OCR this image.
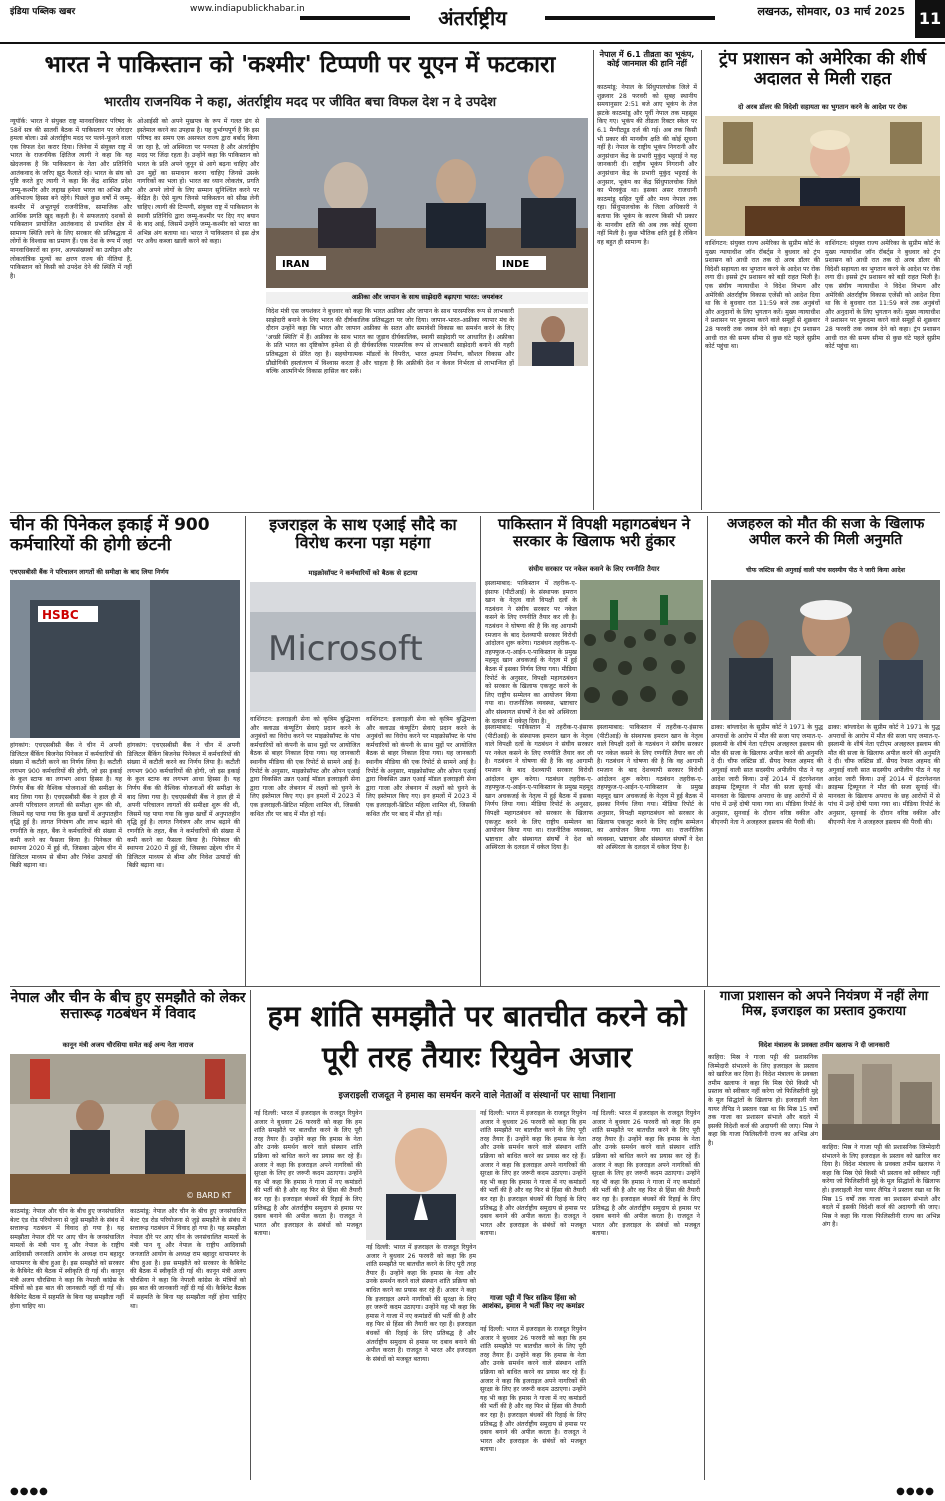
इंडिया पब्लिक खबर	www.indiapublickhabar.in	अंतर्राष्ट्रीय	लखनऊ, सोमवार, 03 मार्च 2025 11
भारत ने पाकिस्तान को 'कश्मीर' टिप्पणी पर यूएन में फटकारा
भारतीय राजनयिक ने कहा, अंतर्राष्ट्रीय मदद पर जीवित बचा विफल देश न दे उपदेश
न्यूयॉर्क: भारत ने संयुक्त राष्ट्र मानवाधिकार परिषद के 58वें सत्र की सातवीं बैठक में पाकिस्तान पर जोरदार हमला बोला। उसे अंतर्राष्ट्रीय मदद पर पलने-फूलने वाला एक विफल देश करार दिया। जिनेवा में संयुक्त राष्ट्र में भारत के राजनयिक क्षितिज त्यागी ने कहा कि यह खेदजनक है कि पाकिस्तान के नेता और प्रतिनिधि आतंकवाद के जरिए झूठ फैलाते रहे। भारत के संघ को पुष्टि करते हुए त्यागी ने कहा कि केंद्र शासित प्रदेश जम्मू-कश्मीर और लद्दाख हमेशा भारत का अभिन्न और अविभाज्य हिस्सा बने रहेंगे। पिछले कुछ वर्षों में जम्मू-कश्मीर में अभूतपूर्व राजनीतिक, सामाजिक और आर्थिक प्रगति खुद कहती है। ये सफलताएं दशकों से पाकिस्तान प्रायोजित आतंकवाद से प्रभावित क्षेत्र में सामान्य स्थिति लाने के लिए सरकार की प्रतिबद्धता में लोगों के विश्वास का प्रमाण हैं। एक देश के रूप में जहां मानवाधिकारों का हनन, अल्पसंख्यकों का उत्पीड़न और लोकतांत्रिक मूल्यों का क्षरण राज्य की नीतियां हैं, पाकिस्तान को किसी को उपदेश देने की स्थिति में नहीं है।
ओआईसी को अपने मुखपत्र के रूप में गलत ढंग से इस्तेमाल करने का उपहास है। यह दुर्भाग्यपूर्ण है कि इस परिषद का समय एक असफल राज्य द्वारा बर्बाद किया जा रहा है, जो अस्थिरता पर पनपता है और अंतर्राष्ट्रीय मदद पर जिंदा रहता है। उन्होंने कहा कि पाकिस्तान को भारत के प्रति अपने जुनून से आगे बढ़ना चाहिए और उन मुद्दों का समाधान करना चाहिए जिनसे उसके नागरिकों का भला हो। भारत का ध्यान लोकतंत्र, प्रगति और अपने लोगों के लिए सम्मान सुनिश्चित करने पर केंद्रित है। ऐसे मूल्य जिनसे पाकिस्तान को सीख लेनी चाहिए। त्यागी की टिप्पणी, संयुक्त राष्ट्र में पाकिस्तान के स्थायी प्रतिनिधि द्वारा जम्मू-कश्मीर पर दिए गए बयान के बाद आई, जिसमें उन्होंने जम्मू-कश्मीर को भारत का अभिन्न अंग बताया था। भारत ने पाकिस्तान से इस क्षेत्र पर अवैध कब्जा खाली करने को कहा।
IRAN	INDE
अफ्रीका और जापान के साथ साझेदारी बढ़ाएगा भारत: जयशंकर
विदेश मंत्री एस जयशंकर ने बुधवार को कहा कि भारत अफ्रीका और जापान के साथ पारस्परिक रूप से लाभकारी साझेदारी बनाने के लिए भारत की दीर्घकालिक प्रतिबद्धता पर जोर दिया। जापान-भारत-अफ्रीका व्यापार मंच के दौरान उन्होंने कहा कि भारत और जापान अफ्रीका के सतत और समावेशी विकास का समर्थन करने के लिए 'अच्छी स्थिति' में हैं। अफ्रीका के साथ भारत का जुड़ाव दीर्घकालिक, स्थायी साझेदारी पर आधारित है। अफ्रीका के प्रति भारत का दृष्टिकोण हमेशा से ही दीर्घकालिक पारस्परिक रूप से लाभकारी साझेदारी बनाने की गहरी प्रतिबद्धता से प्रेरित रहा है। सहयोगात्मक मॉडलों के विपरीत, भारत क्षमता निर्माण, कौशल विकास और प्रौद्योगिकी हस्तांतरण में विश्वास करता है और चाहता है कि अफ्रीकी देश न केवल निर्भरता से लाभान्वित हों बल्कि आत्मनिर्भर विकास हासिल कर सकें।
नेपाल में 6.1 तीव्रता का भूकंप, कोई जानमाल की हानि नहीं
काठमांडू: नेपाल के सिंधुपालचोक जिले में शुक्रवार 28 फरवरी को सुबह स्थानीय समयानुसार 2:51 बजे आए भूकंप के तेज झटके काठमांडू और पूर्वी नेपाल तक महसूस किए गए। भूकंप की तीव्रता रिक्टर स्केल पर 6.1 मैग्नीट्यूड दर्ज की गई। अब तक किसी भी प्रकार की मानवीय क्षति की कोई सूचना नहीं है। नेपाल के राष्ट्रीय भूकंप निगरानी और अनुसंधान केंद्र के प्रभारी मुकुंद भट्टराई ने यह जानकारी दी। राष्ट्रीय भूकंप निगरानी और अनुसंधान केंद्र के प्रभारी मुकुंद भट्टराई के अनुसार, भूकंप का केंद्र सिंधुपालचोक जिले का भैरवकुंड था। इसका असर राजधानी काठमांडू सहित पूर्वी और मध्य नेपाल तक रहा। सिंधुपालचोक के जिला अधिकारी ने बताया कि भूकंप के कारण किसी भी प्रकार के मानवीय क्षति की अब तक कोई सूचना नहीं मिली है। कुछ भौतिक क्षति हुई है लेकिन वह बहुत ही सामान्य है।
ट्रंप प्रशासन को अमेरिका की शीर्ष अदालत से मिली राहत
दो अरब डॉलर की विदेशी सहायता का भुगतान करने के आदेश पर रोक
वाशिंगटन: संयुक्त राज्य अमेरिका के सुप्रीम कोर्ट के मुख्य न्यायाधीश जॉन रॉबर्ट्स ने बुधवार को ट्रंप प्रशासन को आधी रात तक दो अरब डॉलर की विदेशी सहायता का भुगतान करने के आदेश पर रोक लगा दी। इससे ट्रंप प्रशासन को बड़ी राहत मिली है। एक संघीय न्यायाधीश ने विदेश विभाग और अमेरिकी अंतर्राष्ट्रीय विकास एजेंसी को आदेश दिया था कि वे बुधवार रात 11:59 बजे तक अनुबंधों और अनुदानों के लिए भुगतान करें। मुख्य न्यायाधीश ने प्रशासन पर मुकदमा करने वाले समूहों से शुक्रवार 28 फरवरी तक जवाब देने को कहा। ट्रंप प्रशासन आधी रात की समय सीमा से कुछ घंटे पहले सुप्रीम कोर्ट पहुंचा था।
वाशिंगटन: संयुक्त राज्य अमेरिका के सुप्रीम कोर्ट के मुख्य न्यायाधीश जॉन रॉबर्ट्स ने बुधवार को ट्रंप प्रशासन को आधी रात तक दो अरब डॉलर की विदेशी सहायता का भुगतान करने के आदेश पर रोक लगा दी। इससे ट्रंप प्रशासन को बड़ी राहत मिली है। एक संघीय न्यायाधीश ने विदेश विभाग और अमेरिकी अंतर्राष्ट्रीय विकास एजेंसी को आदेश दिया था कि वे बुधवार रात 11:59 बजे तक अनुबंधों और अनुदानों के लिए भुगतान करें। मुख्य न्यायाधीश ने प्रशासन पर मुकदमा करने वाले समूहों से शुक्रवार 28 फरवरी तक जवाब देने को कहा। ट्रंप प्रशासन आधी रात की समय सीमा से कुछ घंटे पहले सुप्रीम कोर्ट पहुंचा था।
चीन की पिनेकल इकाई में 900 कर्मचारियों की होगी छंटनी
एचएसबीसी बैंक ने परिचालन लागतों की समीक्षा के बाद लिया निर्णय
HSBC
हांगकांग: एचएसबीसी बैंक ने चीन में अपनी डिजिटल बैंकिंग बिजनेस पिनेकल में कर्मचारियों की संख्या में कटौती करने का निर्णय लिया है। कटौती लगभग 900 कर्मचारियों की होगी, जो इस इकाई के कुल स्टाफ का लगभग आधा हिस्सा है। यह निर्णय बैंक की वैश्विक योजनाओं की समीक्षा के बाद लिया गया है। एचएसबीसी बैंक ने हाल ही में अपनी परिचालन लागतों की समीक्षा शुरू की थी, जिसमें यह पाया गया कि कुछ खर्चों में अनुपातहीन वृद्धि हुई है। लागत नियंत्रण और लाभ बढ़ाने की रणनीति के तहत, बैंक ने कर्मचारियों की संख्या में कमी करने का फैसला किया है। पिनेकल की स्थापना 2020 में हुई थी, जिसका उद्देश्य चीन में डिजिटल माध्यम से बीमा और निवेश उत्पादों की बिक्री बढ़ाना था।
हांगकांग: एचएसबीसी बैंक ने चीन में अपनी डिजिटल बैंकिंग बिजनेस पिनेकल में कर्मचारियों की संख्या में कटौती करने का निर्णय लिया है। कटौती लगभग 900 कर्मचारियों की होगी, जो इस इकाई के कुल स्टाफ का लगभग आधा हिस्सा है। यह निर्णय बैंक की वैश्विक योजनाओं की समीक्षा के बाद लिया गया है। एचएसबीसी बैंक ने हाल ही में अपनी परिचालन लागतों की समीक्षा शुरू की थी, जिसमें यह पाया गया कि कुछ खर्चों में अनुपातहीन वृद्धि हुई है। लागत नियंत्रण और लाभ बढ़ाने की रणनीति के तहत, बैंक ने कर्मचारियों की संख्या में कमी करने का फैसला किया है। पिनेकल की स्थापना 2020 में हुई थी, जिसका उद्देश्य चीन में डिजिटल माध्यम से बीमा और निवेश उत्पादों की बिक्री बढ़ाना था।
इजराइल के साथ एआई सौदे का विरोध करना पड़ा महंगा
माइक्रोसॉफ्ट ने कर्मचारियों को बैठक से हटाया
Microsoft
वाशिंगटन: इजराइली सेना को कृत्रिम बुद्धिमत्ता और क्लाउड कंप्यूटिंग सेवाएं प्रदान करने के अनुबंधों का विरोध करने पर माइक्रोसॉफ्ट के पांच कर्मचारियों को कंपनी के साथ मुद्दों पर आयोजित बैठक से बाहर निकाल दिया गया। यह जानकारी स्थानीय मीडिया की एक रिपोर्ट से सामने आई है। रिपोर्ट के अनुसार, माइक्रोसॉफ्ट और ओपन एआई द्वारा विकसित उन्नत एआई मॉडल इजराइली सेना द्वारा गाजा और लेबनान में लक्ष्यों को चुनने के लिए इस्तेमाल किए गए। इन हमलों में 2023 में एक इजराइली-ब्रिटिश महिला शामिल थी, जिसकी कथित तौर पर बाद में मौत हो गई।
वाशिंगटन: इजराइली सेना को कृत्रिम बुद्धिमत्ता और क्लाउड कंप्यूटिंग सेवाएं प्रदान करने के अनुबंधों का विरोध करने पर माइक्रोसॉफ्ट के पांच कर्मचारियों को कंपनी के साथ मुद्दों पर आयोजित बैठक से बाहर निकाल दिया गया। यह जानकारी स्थानीय मीडिया की एक रिपोर्ट से सामने आई है। रिपोर्ट के अनुसार, माइक्रोसॉफ्ट और ओपन एआई द्वारा विकसित उन्नत एआई मॉडल इजराइली सेना द्वारा गाजा और लेबनान में लक्ष्यों को चुनने के लिए इस्तेमाल किए गए। इन हमलों में 2023 में एक इजराइली-ब्रिटिश महिला शामिल थी, जिसकी कथित तौर पर बाद में मौत हो गई।
पाकिस्तान में विपक्षी महागठबंधन ने सरकार के खिलाफ भरी हुंकार
संघीय सरकार पर नकेल कसने के लिए रणनीति तैयार
इस्लामाबाद: पाकिस्तान में तहरीक-ए-इंसाफ (पीटीआई) के संस्थापक इमरान खान के नेतृत्व वाले विपक्षी दलों के गठबंधन ने संघीय सरकार पर नकेल कसने के लिए रणनीति तैयार कर ली है। गठबंधन ने घोषणा की है कि वह आगामी रमजान के बाद देशव्यापी सरकार विरोधी आंदोलन शुरू करेगा। गठबंधन तहरीक-ए-तहफ्फुज-ए-आईन-ए-पाकिस्तान के प्रमुख महमूद खान अचकजई के नेतृत्व में हुई बैठक में इसका निर्णय लिया गया। मीडिया रिपोर्ट के अनुसार, विपक्षी महागठबंधन को सरकार के खिलाफ एकजुट करने के लिए राष्ट्रीय सम्मेलन का आयोजन किया गया था। राजनीतिक व्यवस्था, भ्रष्टाचार और संस्थागत संघर्षों ने देश को अस्थिरता के दलदल में धकेल दिया है।
इस्लामाबाद: पाकिस्तान में तहरीक-ए-इंसाफ (पीटीआई) के संस्थापक इमरान खान के नेतृत्व वाले विपक्षी दलों के गठबंधन ने संघीय सरकार पर नकेल कसने के लिए रणनीति तैयार कर ली है। गठबंधन ने घोषणा की है कि वह आगामी रमजान के बाद देशव्यापी सरकार विरोधी आंदोलन शुरू करेगा। गठबंधन तहरीक-ए-तहफ्फुज-ए-आईन-ए-पाकिस्तान के प्रमुख महमूद खान अचकजई के नेतृत्व में हुई बैठक में इसका निर्णय लिया गया। मीडिया रिपोर्ट के अनुसार, विपक्षी महागठबंधन को सरकार के खिलाफ एकजुट करने के लिए राष्ट्रीय सम्मेलन का आयोजन किया गया था। राजनीतिक व्यवस्था, भ्रष्टाचार और संस्थागत संघर्षों ने देश को अस्थिरता के दलदल में धकेल दिया है।
इस्लामाबाद: पाकिस्तान में तहरीक-ए-इंसाफ (पीटीआई) के संस्थापक इमरान खान के नेतृत्व वाले विपक्षी दलों के गठबंधन ने संघीय सरकार पर नकेल कसने के लिए रणनीति तैयार कर ली है। गठबंधन ने घोषणा की है कि वह आगामी रमजान के बाद देशव्यापी सरकार विरोधी आंदोलन शुरू करेगा। गठबंधन तहरीक-ए-तहफ्फुज-ए-आईन-ए-पाकिस्तान के प्रमुख महमूद खान अचकजई के नेतृत्व में हुई बैठक में इसका निर्णय लिया गया। मीडिया रिपोर्ट के अनुसार, विपक्षी महागठबंधन को सरकार के खिलाफ एकजुट करने के लिए राष्ट्रीय सम्मेलन का आयोजन किया गया था। राजनीतिक व्यवस्था, भ्रष्टाचार और संस्थागत संघर्षों ने देश को अस्थिरता के दलदल में धकेल दिया है।
अजहरुल को मौत की सजा के खिलाफ अपील करने की मिली अनुमति
चीफ जस्टिस की अगुवाई वाली पांच सदस्यीय पीठ ने जारी किया आदेश
ढाका: बांग्लादेश के सुप्रीम कोर्ट ने 1971 के युद्ध अपराधों के आरोप में मौत की सजा पाए जमात-ए-इस्लामी के शीर्ष नेता एटीएम अजहरुल इस्लाम की मौत की सजा के खिलाफ अपील करने की अनुमति दे दी। चीफ जस्टिस डॉ. सैयद रेफात अहमद की अगुवाई वाली सात सदस्यीय अपीलीय पीठ ने यह आदेश जारी किया। उन्हें 2014 में इंटरनेशनल क्राइम्स ट्रिब्यूनल ने मौत की सजा सुनाई थी। मानवता के खिलाफ अपराध के छह आरोपों में से पांच में उन्हें दोषी पाया गया था। मीडिया रिपोर्ट के अनुसार, सुनवाई के दौरान वरिष्ठ वकील और बीएनपी नेता ने अजहरुल इस्लाम की पैरवी की।
ढाका: बांग्लादेश के सुप्रीम कोर्ट ने 1971 के युद्ध अपराधों के आरोप में मौत की सजा पाए जमात-ए-इस्लामी के शीर्ष नेता एटीएम अजहरुल इस्लाम की मौत की सजा के खिलाफ अपील करने की अनुमति दे दी। चीफ जस्टिस डॉ. सैयद रेफात अहमद की अगुवाई वाली सात सदस्यीय अपीलीय पीठ ने यह आदेश जारी किया। उन्हें 2014 में इंटरनेशनल क्राइम्स ट्रिब्यूनल ने मौत की सजा सुनाई थी। मानवता के खिलाफ अपराध के छह आरोपों में से पांच में उन्हें दोषी पाया गया था। मीडिया रिपोर्ट के अनुसार, सुनवाई के दौरान वरिष्ठ वकील और बीएनपी नेता ने अजहरुल इस्लाम की पैरवी की।
नेपाल और चीन के बीच हुए समझौते को लेकर सत्तारूढ़ गठबंधन में विवाद
कानून मंत्री अजय चौरसिया समेत कई अन्य नेता नाराज
© BARD KT
काठमांडू: नेपाल और चीन के बीच हुए जनसंचालित बेल्ट एंड रोड परियोजना से जुड़े समझौते के संबंध में सत्तारूढ़ गठबंधन में विवाद हो गया है। यह समझौता नेपाल दौरे पर आए चीन के जनसंचालित मामलों के मंत्री पान यू और नेपाल के राष्ट्रीय आदिवासी जनजाति आयोग के अध्यक्ष राम बहादुर थापामगर के बीच हुआ है। इस समझौते को सरकार के कैबिनेट की बैठक में स्वीकृति दी गई थी। कानून मंत्री अजय चौरसिया ने कहा कि नेपाली कांग्रेस के मंत्रियों को इस बात की जानकारी नहीं दी गई थी। कैबिनेट बैठक में सहमति के बिना यह समझौता नहीं होना चाहिए था।
काठमांडू: नेपाल और चीन के बीच हुए जनसंचालित बेल्ट एंड रोड परियोजना से जुड़े समझौते के संबंध में सत्तारूढ़ गठबंधन में विवाद हो गया है। यह समझौता नेपाल दौरे पर आए चीन के जनसंचालित मामलों के मंत्री पान यू और नेपाल के राष्ट्रीय आदिवासी जनजाति आयोग के अध्यक्ष राम बहादुर थापामगर के बीच हुआ है। इस समझौते को सरकार के कैबिनेट की बैठक में स्वीकृति दी गई थी। कानून मंत्री अजय चौरसिया ने कहा कि नेपाली कांग्रेस के मंत्रियों को इस बात की जानकारी नहीं दी गई थी। कैबिनेट बैठक में सहमति के बिना यह समझौता नहीं होना चाहिए था।
हम शांति समझौते पर बातचीत करने को पूरी तरह तैयारः रियुवेन अजार
इजराइली राजदूत ने हमास का समर्थन करने वाले नेताओं व संस्थानों पर साधा निशाना
नई दिल्ली: भारत में इजराइल के राजदूत रियुवेन अजार ने बुधवार 26 फरवरी को कहा कि हम शांति समझौते पर बातचीत करने के लिए पूरी तरह तैयार हैं। उन्होंने कहा कि हमास के नेता और उनके समर्थन करने वाले संस्थान शांति प्रक्रिया को बाधित करने का प्रयास कर रहे हैं। अजार ने कहा कि इजराइल अपने नागरिकों की सुरक्षा के लिए हर जरूरी कदम उठाएगा। उन्होंने यह भी कहा कि हमास ने गाजा में नए कमांडरों की भर्ती की है और वह फिर से हिंसा की तैयारी कर रहा है। इजराइल बंधकों की रिहाई के लिए प्रतिबद्ध है और अंतर्राष्ट्रीय समुदाय से हमास पर दबाव बनाने की अपील करता है। राजदूत ने भारत और इजराइल के संबंधों को मजबूत बताया।
नई दिल्ली: भारत में इजराइल के राजदूत रियुवेन अजार ने बुधवार 26 फरवरी को कहा कि हम शांति समझौते पर बातचीत करने के लिए पूरी तरह तैयार हैं। उन्होंने कहा कि हमास के नेता और उनके समर्थन करने वाले संस्थान शांति प्रक्रिया को बाधित करने का प्रयास कर रहे हैं। अजार ने कहा कि इजराइल अपने नागरिकों की सुरक्षा के लिए हर जरूरी कदम उठाएगा। उन्होंने यह भी कहा कि हमास ने गाजा में नए कमांडरों की भर्ती की है और वह फिर से हिंसा की तैयारी कर रहा है। इजराइल बंधकों की रिहाई के लिए प्रतिबद्ध है और अंतर्राष्ट्रीय समुदाय से हमास पर दबाव बनाने की अपील करता है। राजदूत ने भारत और इजराइल के संबंधों को मजबूत बताया।
नई दिल्ली: भारत में इजराइल के राजदूत रियुवेन अजार ने बुधवार 26 फरवरी को कहा कि हम शांति समझौते पर बातचीत करने के लिए पूरी तरह तैयार हैं। उन्होंने कहा कि हमास के नेता और उनके समर्थन करने वाले संस्थान शांति प्रक्रिया को बाधित करने का प्रयास कर रहे हैं। अजार ने कहा कि इजराइल अपने नागरिकों की सुरक्षा के लिए हर जरूरी कदम उठाएगा। उन्होंने यह भी कहा कि हमास ने गाजा में नए कमांडरों की भर्ती की है और वह फिर से हिंसा की तैयारी कर रहा है। इजराइल बंधकों की रिहाई के लिए प्रतिबद्ध है और अंतर्राष्ट्रीय समुदाय से हमास पर दबाव बनाने की अपील करता है। राजदूत ने भारत और इजराइल के संबंधों को मजबूत बताया।
गाजा पट्टी में फिर सक्रिय हिंसा को आशंका, हमास ने भर्ती किए नए कमांडर
नई दिल्ली: भारत में इजराइल के राजदूत रियुवेन अजार ने बुधवार 26 फरवरी को कहा कि हम शांति समझौते पर बातचीत करने के लिए पूरी तरह तैयार हैं। उन्होंने कहा कि हमास के नेता और उनके समर्थन करने वाले संस्थान शांति प्रक्रिया को बाधित करने का प्रयास कर रहे हैं। अजार ने कहा कि इजराइल अपने नागरिकों की सुरक्षा के लिए हर जरूरी कदम उठाएगा। उन्होंने यह भी कहा कि हमास ने गाजा में नए कमांडरों की भर्ती की है और वह फिर से हिंसा की तैयारी कर रहा है। इजराइल बंधकों की रिहाई के लिए प्रतिबद्ध है और अंतर्राष्ट्रीय समुदाय से हमास पर दबाव बनाने की अपील करता है। राजदूत ने भारत और इजराइल के संबंधों को मजबूत बताया।
नई दिल्ली: भारत में इजराइल के राजदूत रियुवेन अजार ने बुधवार 26 फरवरी को कहा कि हम शांति समझौते पर बातचीत करने के लिए पूरी तरह तैयार हैं। उन्होंने कहा कि हमास के नेता और उनके समर्थन करने वाले संस्थान शांति प्रक्रिया को बाधित करने का प्रयास कर रहे हैं। अजार ने कहा कि इजराइल अपने नागरिकों की सुरक्षा के लिए हर जरूरी कदम उठाएगा। उन्होंने यह भी कहा कि हमास ने गाजा में नए कमांडरों की भर्ती की है और वह फिर से हिंसा की तैयारी कर रहा है। इजराइल बंधकों की रिहाई के लिए प्रतिबद्ध है और अंतर्राष्ट्रीय समुदाय से हमास पर दबाव बनाने की अपील करता है। राजदूत ने भारत और इजराइल के संबंधों को मजबूत बताया।
गाजा प्रशासन को अपने नियंत्रण में नहीं लेगा मिस्र, इजराइल का प्रस्ताव ठुकराया
विदेश मंत्रालय के प्रवक्ता तमीम खलाफ ने दी जानकारी
काहिरा: मिस्र ने गाजा पट्टी की प्रशासनिक जिम्मेदारी संभालने के लिए इजराइल के प्रस्ताव को खारिज कर दिया है। विदेश मंत्रालय के प्रवक्ता तमीम खलाफ ने कहा कि मिस्र ऐसे किसी भी प्रस्ताव को स्वीकार नहीं करेगा जो फिलिस्तीनी मुद्दे के मूल सिद्धांतों के खिलाफ हो। इजराइली नेता यायर लैपिड ने प्रस्ताव रखा था कि मिस्र 15 वर्षों तक गाजा का प्रशासन संभाले और बदले में इसकी विदेशी कर्ज की अदायगी की जाए। मिस्र ने कहा कि गाजा फिलिस्तीनी राज्य का अभिन्न अंग है।
काहिरा: मिस्र ने गाजा पट्टी की प्रशासनिक जिम्मेदारी संभालने के लिए इजराइल के प्रस्ताव को खारिज कर दिया है। विदेश मंत्रालय के प्रवक्ता तमीम खलाफ ने कहा कि मिस्र ऐसे किसी भी प्रस्ताव को स्वीकार नहीं करेगा जो फिलिस्तीनी मुद्दे के मूल सिद्धांतों के खिलाफ हो। इजराइली नेता यायर लैपिड ने प्रस्ताव रखा था कि मिस्र 15 वर्षों तक गाजा का प्रशासन संभाले और बदले में इसकी विदेशी कर्ज की अदायगी की जाए। मिस्र ने कहा कि गाजा फिलिस्तीनी राज्य का अभिन्न अंग है।
●●●●	●●●●
